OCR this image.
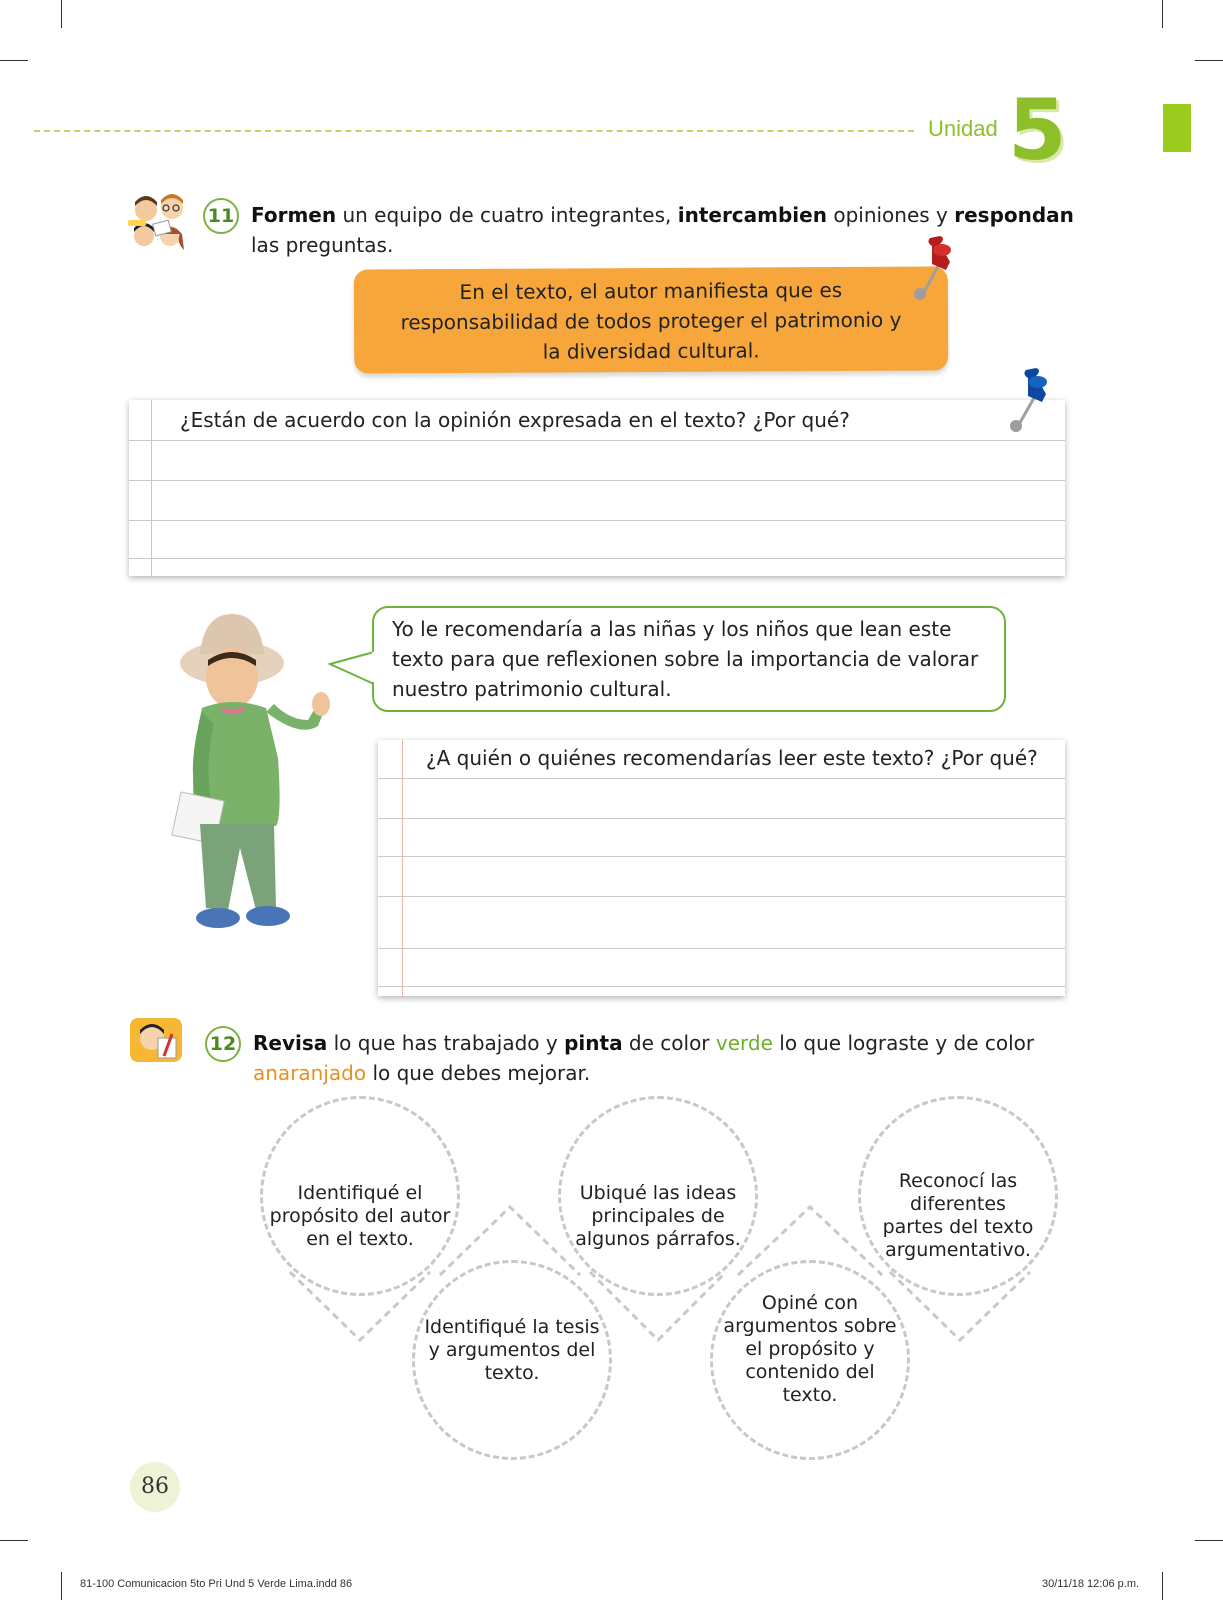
Unidad 5
11 Formen un equipo de cuatro integrantes, intercambien opiniones y respondan las preguntas.
En el texto, el autor manifiesta que es
responsabilidad de todos proteger el patrimonio y
la diversidad cultural.
¿Están de acuerdo con la opinión expresada en el texto? ¿Por qué?
Yo le recomendaría a las niñas y los niños que lean este
texto para que reflexionen sobre la importancia de valorar
nuestro patrimonio cultural.
¿A quién o quiénes recomendarías leer este texto? ¿Por qué?
12 Revisa lo que has trabajado y pinta de color verde lo que lograste y de color
anaranjado lo que debes mejorar.
Identifiqué el
propósito del autor
en el texto.
Identifiqué la tesis
y argumentos del
texto.
Ubiqué las ideas
principales de
algunos párrafos.
Opiné con
argumentos sobre
el propósito y
contenido del
texto.
Reconocí las
diferentes
partes del texto
argumentativo.
86
81-100 Comunicacion 5to Pri Und 5 Verde Lima.indd 86	30/11/18 12:06 p.m.
